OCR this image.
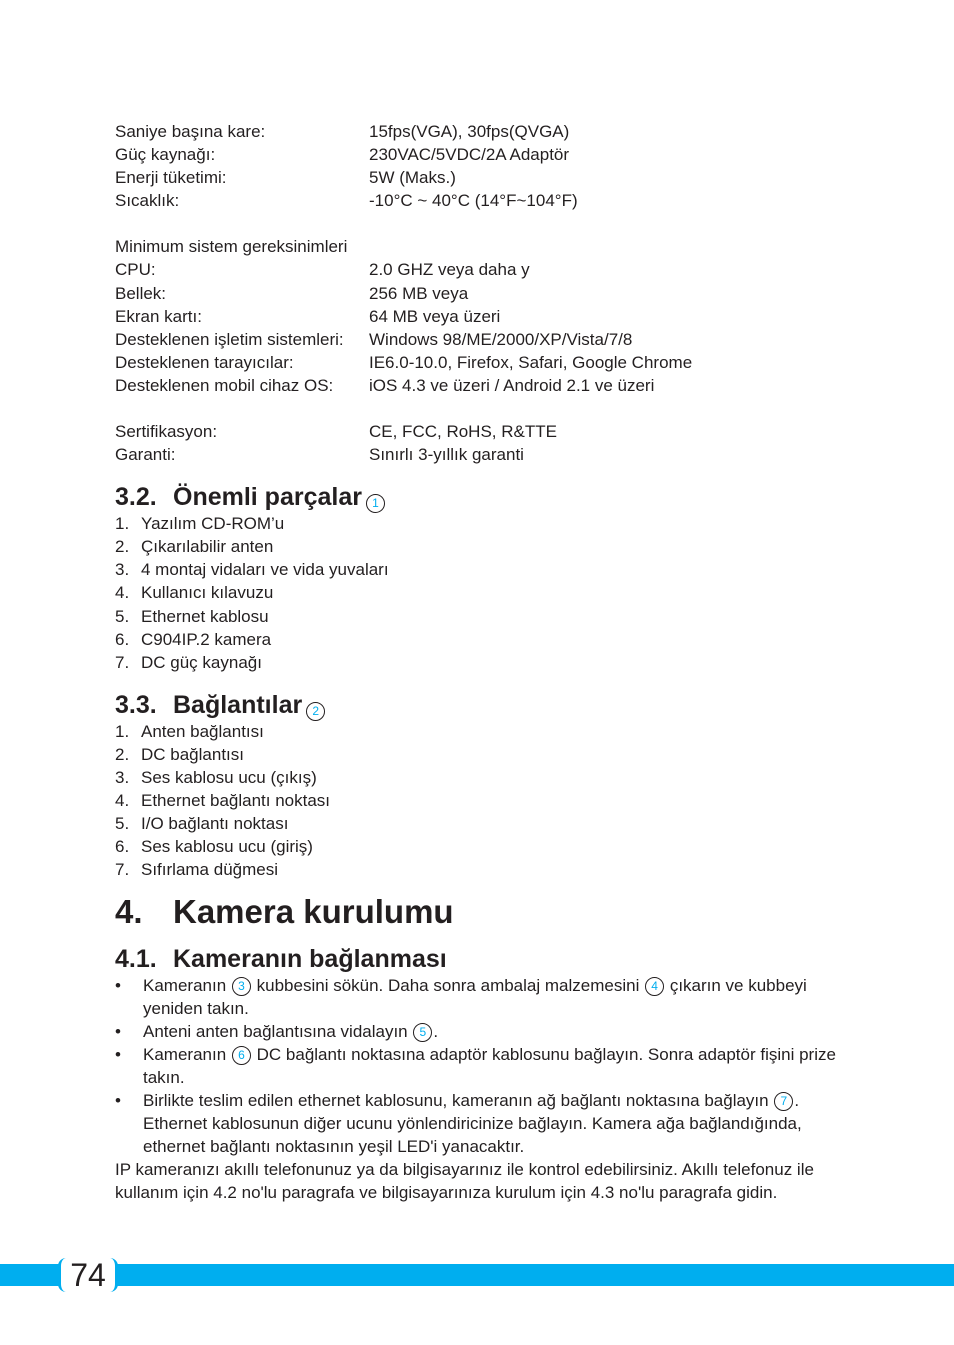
Saniye başına kare:	15fps(VGA), 30fps(QVGA)
Güç kaynağı:	230VAC/5VDC/2A Adaptör
Enerji tüketimi:	5W (Maks.)
Sıcaklık:	-10°C ~ 40°C (14°F~104°F)
Minimum sistem gereksinimleri
CPU:	2.0 GHZ veya daha y
Bellek:	256 MB veya
Ekran kartı:	64 MB veya üzeri
Desteklenen işletim sistemleri: Windows 98/ME/2000/XP/Vista/7/8
Desteklenen tarayıcılar:	IE6.0-10.0, Firefox, Safari, Google Chrome
Desteklenen mobil cihaz OS: iOS 4.3 ve üzeri / Android 2.1 ve üzeri
Sertifikasyon:	CE, FCC, RoHS, R&TTE
Garanti:	Sınırlı 3-yıllık garanti
3.2. Önemli parçalar 1
1. Yazılım CD-ROM’u
2. Çıkarılabilir anten
3. 4 montaj vidaları ve vida yuvaları
4. Kullanıcı kılavuzu
5. Ethernet kablosu
6. C904IP.2 kamera
7. DC güç kaynağı
3.3. Bağlantılar 2
1. Anten bağlantısı
2. DC bağlantısı
3. Ses kablosu ucu (çıkış)
4. Ethernet bağlantı noktası
5. I/O bağlantı noktası
6. Ses kablosu ucu (giriş)
7. Sıfırlama düğmesi
4. Kamera kurulumu
4.1. Kameranın bağlanması
• Kameranın 3 kubbesini sökün. Daha sonra ambalaj malzemesini 4 çıkarın ve kubbeyi yeniden takın.
• Anteni anten bağlantısına vidalayın 5 .
• Kameranın 6 DC bağlantı noktasına adaptör kablosunu bağlayın. Sonra adaptör fişini prize takın.
• Birlikte teslim edilen ethernet kablosunu, kameranın ağ bağlantı noktasına bağlayın 7 . Ethernet kablosunun diğer ucunu yönlendiricinize bağlayın. Kamera ağa bağlandığında, ethernet bağlantı noktasının yeşil LED'i yanacaktır.
IP kameranızı akıllı telefonunuz ya da bilgisayarınız ile kontrol edebilirsiniz. Akıllı telefonuz ile kullanım için 4.2 no'lu paragrafa ve bilgisayarınıza kurulum için 4.3 no'lu paragrafa gidin.
74
